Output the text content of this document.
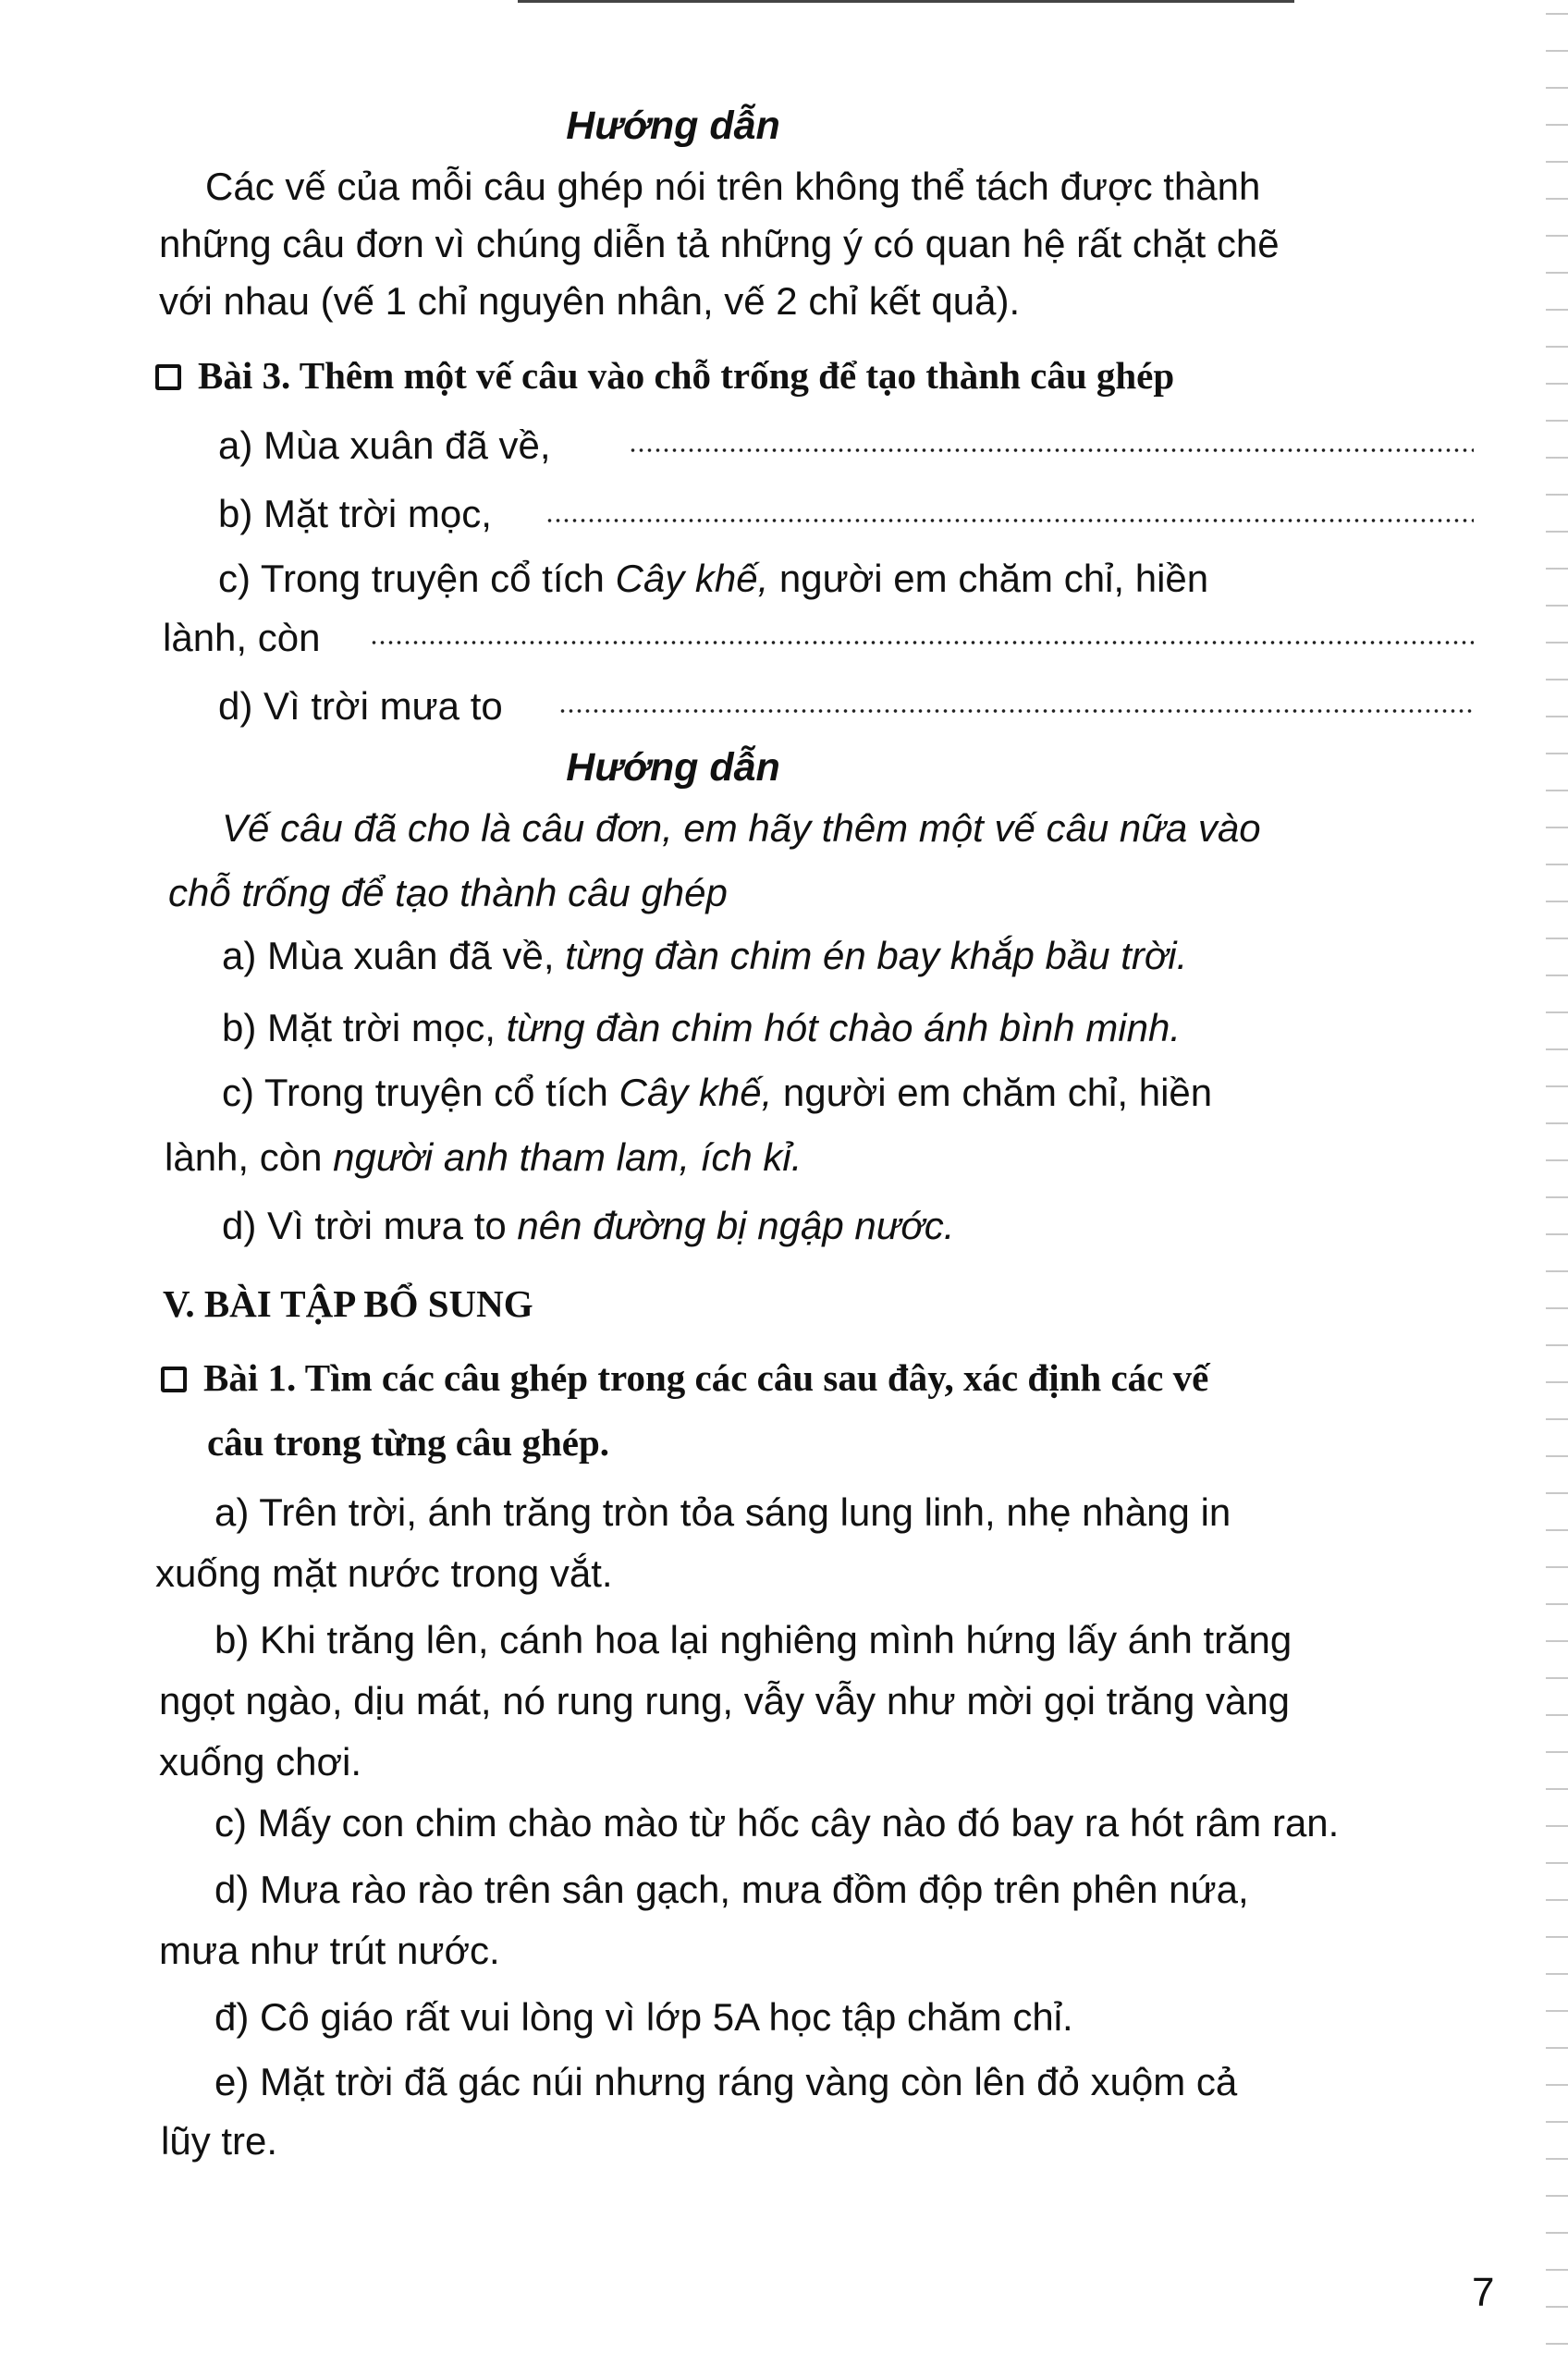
Hướng dẫn
Các vế của mỗi câu ghép nói trên không thể tách được thành
những câu đơn vì chúng diễn tả những ý có quan hệ rất chặt chẽ
với nhau (vế 1 chỉ nguyên nhân, vế 2 chỉ kết quả).
Bài 3. Thêm một vế câu vào chỗ trống để tạo thành câu ghép
a) Mùa xuân đã về,
b) Mặt trời mọc,
c) Trong truyện cổ tích Cây khế, người em chăm chỉ, hiền
lành, còn
d) Vì trời mưa to
Hướng dẫn
Vế câu đã cho là câu đơn, em hãy thêm một vế câu nữa vào
chỗ trống để tạo thành câu ghép
a) Mùa xuân đã về, từng đàn chim én bay khắp bầu trời.
b) Mặt trời mọc, từng đàn chim hót chào ánh bình minh.
c) Trong truyện cổ tích Cây khế, người em chăm chỉ, hiền
lành, còn người anh tham lam, ích kỉ.
d) Vì trời mưa to nên đường bị ngập nước.
V. BÀI TẬP BỔ SUNG
Bài 1. Tìm các câu ghép trong các câu sau đây, xác định các vế
câu trong từng câu ghép.
a) Trên trời, ánh trăng tròn tỏa sáng lung linh, nhẹ nhàng in
xuống mặt nước trong vắt.
b) Khi trăng lên, cánh hoa lại nghiêng mình hứng lấy ánh trăng
ngọt ngào, dịu mát, nó rung rung, vẫy vẫy như mời gọi trăng vàng
xuống chơi.
c) Mấy con chim chào mào từ hốc cây nào đó bay ra hót râm ran.
d) Mưa rào rào trên sân gạch, mưa đồm độp trên phên nứa,
mưa như trút nước.
đ) Cô giáo rất vui lòng vì lớp 5A học tập chăm chỉ.
e) Mặt trời đã gác núi nhưng ráng vàng còn lên đỏ xuộm cả
lũy tre.
7
